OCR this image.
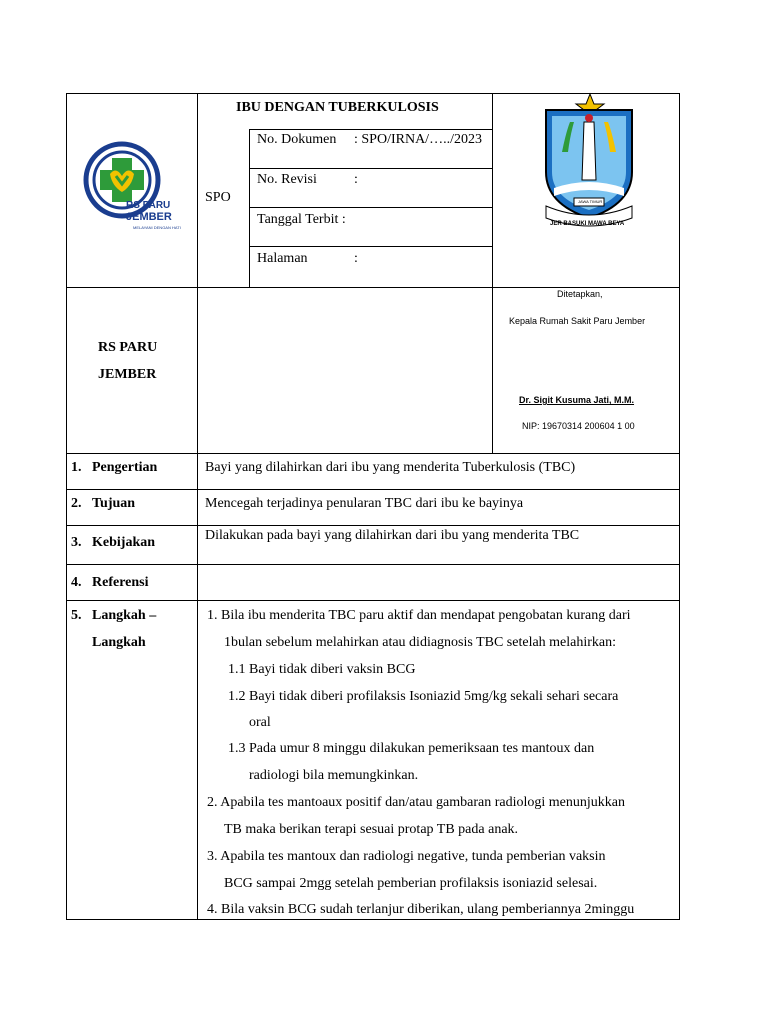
RS PARU
JEMBER
MELAYANI DENGAN HATI
IBU DENGAN TUBERKULOSIS
SPO
No. Dokumen : SPO/IRNA/…../2023
No. Revisi	:
Tanggal Terbit :
Halaman	:
JAWA TIMUR
JER BASUKI MAWA BEYA
RS PARU
JEMBER
Ditetapkan,
Kepala Rumah Sakit Paru Jember
Dr. Sigit Kusuma Jati, M.M.
NIP: 19670314 200604 1 00
1. Pengertian	Bayi yang dilahirkan dari ibu yang menderita Tuberkulosis (TBC)
2. Tujuan	Mencegah terjadinya penularan TBC dari ibu ke bayinya
3. Kebijakan	Dilakukan pada bayi yang dilahirkan dari ibu yang menderita TBC
4. Referensi
5. Langkah –
Langkah
1. Bila ibu menderita TBC paru aktif dan mendapat pengobatan kurang dari
1bulan sebelum melahirkan atau didiagnosis TBC setelah melahirkan:
1.1 Bayi tidak diberi vaksin BCG
1.2 Bayi tidak diberi profilaksis Isoniazid 5mg/kg sekali sehari secara
oral
1.3 Pada umur 8 minggu dilakukan pemeriksaan tes mantoux dan
radiologi bila memungkinkan.
2. Apabila tes mantoaux positif dan/atau gambaran radiologi menunjukkan
TB maka berikan terapi sesuai protap TB pada anak.
3. Apabila tes mantoux dan radiologi negative, tunda pemberian vaksin
BCG sampai 2mgg setelah pemberian profilaksis isoniazid selesai.
4. Bila vaksin BCG sudah terlanjur diberikan, ulang pemberiannya 2minggu
